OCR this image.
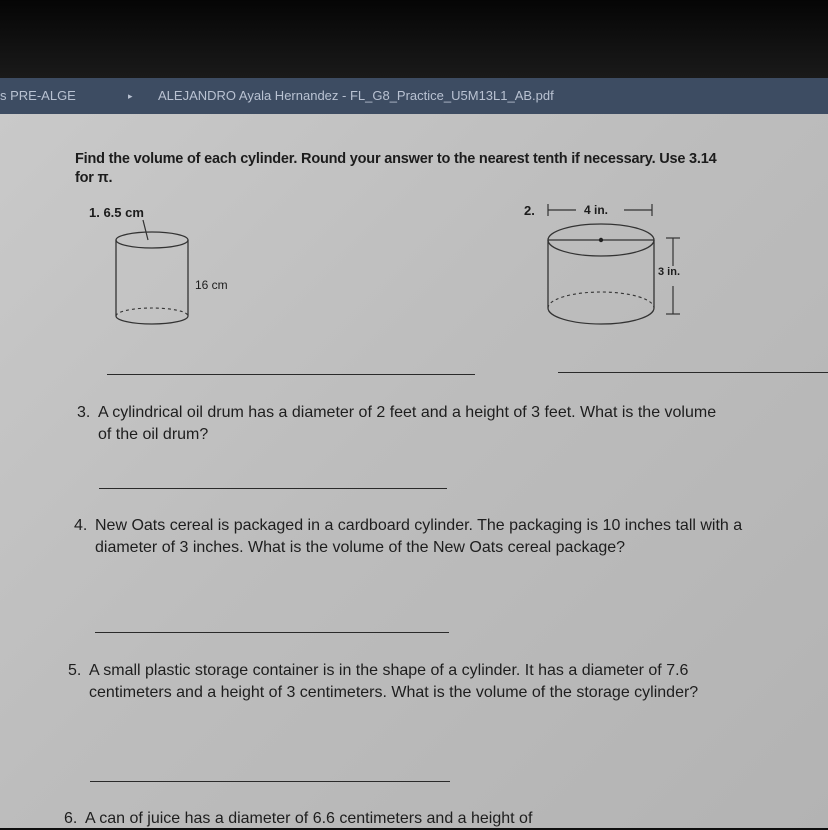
s PRE-ALGE	▸ ALEJANDRO Ayala Hernandez - FL_G8_Practice_U5M13L1_AB.pdf
Find the volume of each cylinder. Round your answer to the nearest tenth if necessary. Use 3.14 for π.
1. 6.5 cm
16 cm
2.	4 in.
3 in.
3. A cylindrical oil drum has a diameter of 2 feet and a height of 3 feet. What is the volume of the oil drum?
4. New Oats cereal is packaged in a cardboard cylinder. The packaging is 10 inches tall with a diameter of 3 inches. What is the volume of the New Oats cereal package?
5. A small plastic storage container is in the shape of a cylinder. It has a diameter of 7.6 centimeters and a height of 3 centimeters. What is the volume of the storage cylinder?
6. A can of juice has a diameter of 6.6 centimeters and a height of
